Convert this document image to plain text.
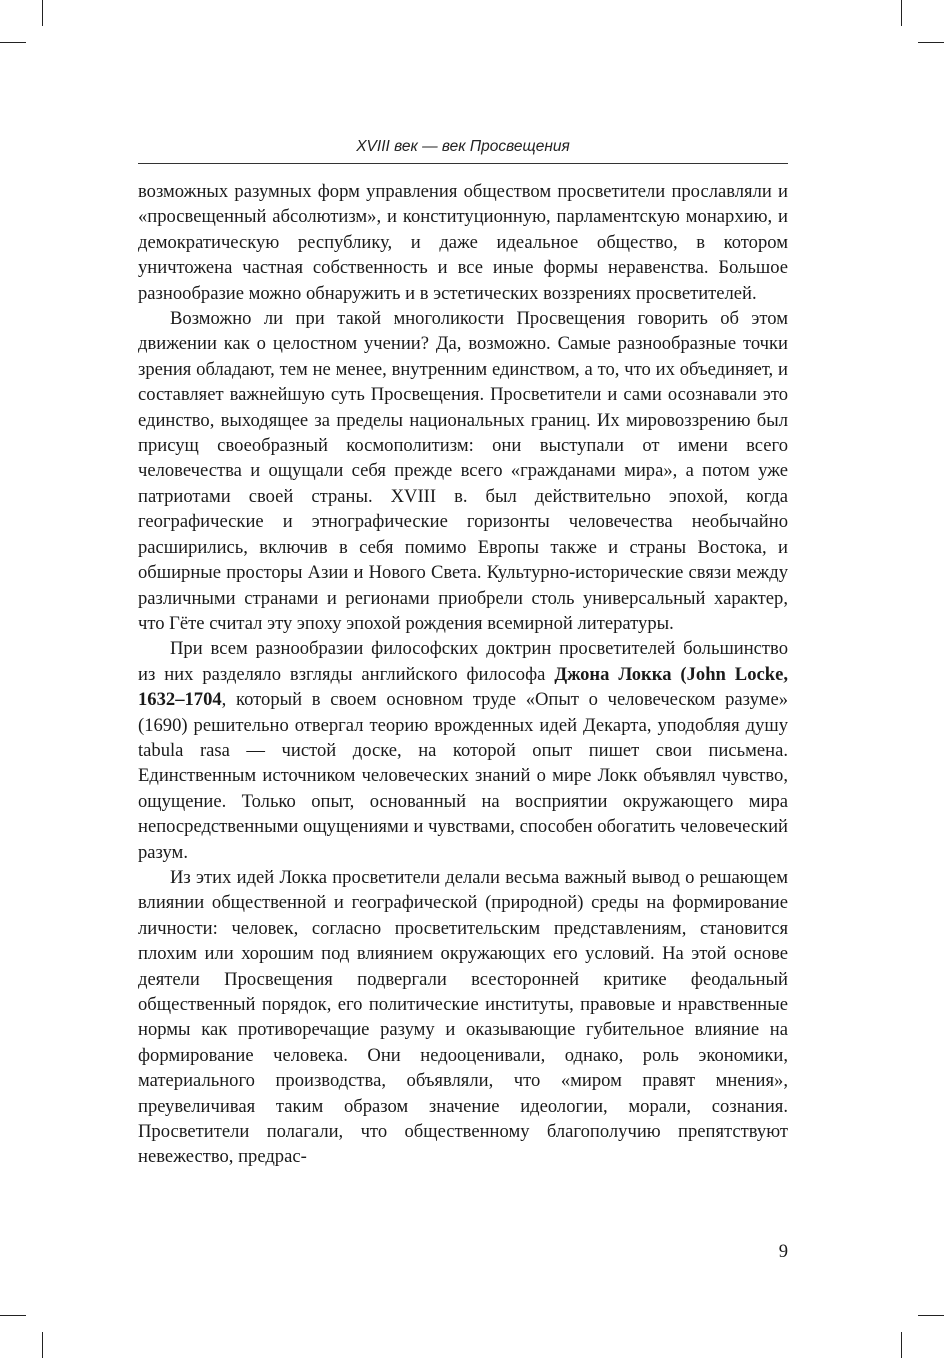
XVIII век — век Просвещения

возможных разумных форм управления обществом просветители прославляли и «просвещенный абсолютизм», и конституционную, парламентскую монархию, и демократическую республику, и даже идеальное общество, в котором уничтожена частная собственность и все иные формы неравенства. Большое разнообразие можно обнаружить и в эстетических воззрениях просветителей.

Возможно ли при такой многоликости Просвещения говорить об этом движении как о целостном учении? Да, возможно. Самые разнообразные точки зрения обладают, тем не менее, внутренним единством, а то, что их объединяет, и составляет важнейшую суть Просвещения. Просветители и сами осознавали это единство, выходящее за пределы национальных границ. Их мировоззрению был присущ своеобразный космополитизм: они выступали от имени всего человечества и ощущали себя прежде всего «гражданами мира», а потом уже патриотами своей страны. XVIII в. был действительно эпохой, когда географические и этнографические горизонты человечества необычайно расширились, включив в себя помимо Европы также и страны Востока, и обширные просторы Азии и Нового Света. Культурно-исторические связи между различными странами и регионами приобрели столь универсальный характер, что Гёте считал эту эпоху эпохой рождения всемирной литературы.

При всем разнообразии философских доктрин просветителей большинство из них разделяло взгляды английского философа Джона Локка (John Locke, 1632–1704, который в своем основном труде «Опыт о человеческом разуме» (1690) решительно отвергал теорию врожденных идей Декарта, уподобляя душу tabula rasa — чистой доске, на которой опыт пишет свои письмена. Единственным источником человеческих знаний о мире Локк объявлял чувство, ощущение. Только опыт, основанный на восприятии окружающего мира непосредственными ощущениями и чувствами, способен обогатить человеческий разум.

Из этих идей Локка просветители делали весьма важный вывод о решающем влиянии общественной и географической (природной) среды на формирование личности: человек, согласно просветительским представлениям, становится плохим или хорошим под влиянием окружающих его условий. На этой основе деятели Просвещения подвергали всесторонней критике феодальный общественный порядок, его политические институты, правовые и нравственные нормы как противоречащие разуму и оказывающие губительное влияние на формирование человека. Они недооценивали, однако, роль экономики, материального производства, объявляли, что «миром правят мнения», преувеличивая таким образом значение идеологии, морали, сознания. Просветители полагали, что общественному благополучию препятствуют невежество, предрас-

9
